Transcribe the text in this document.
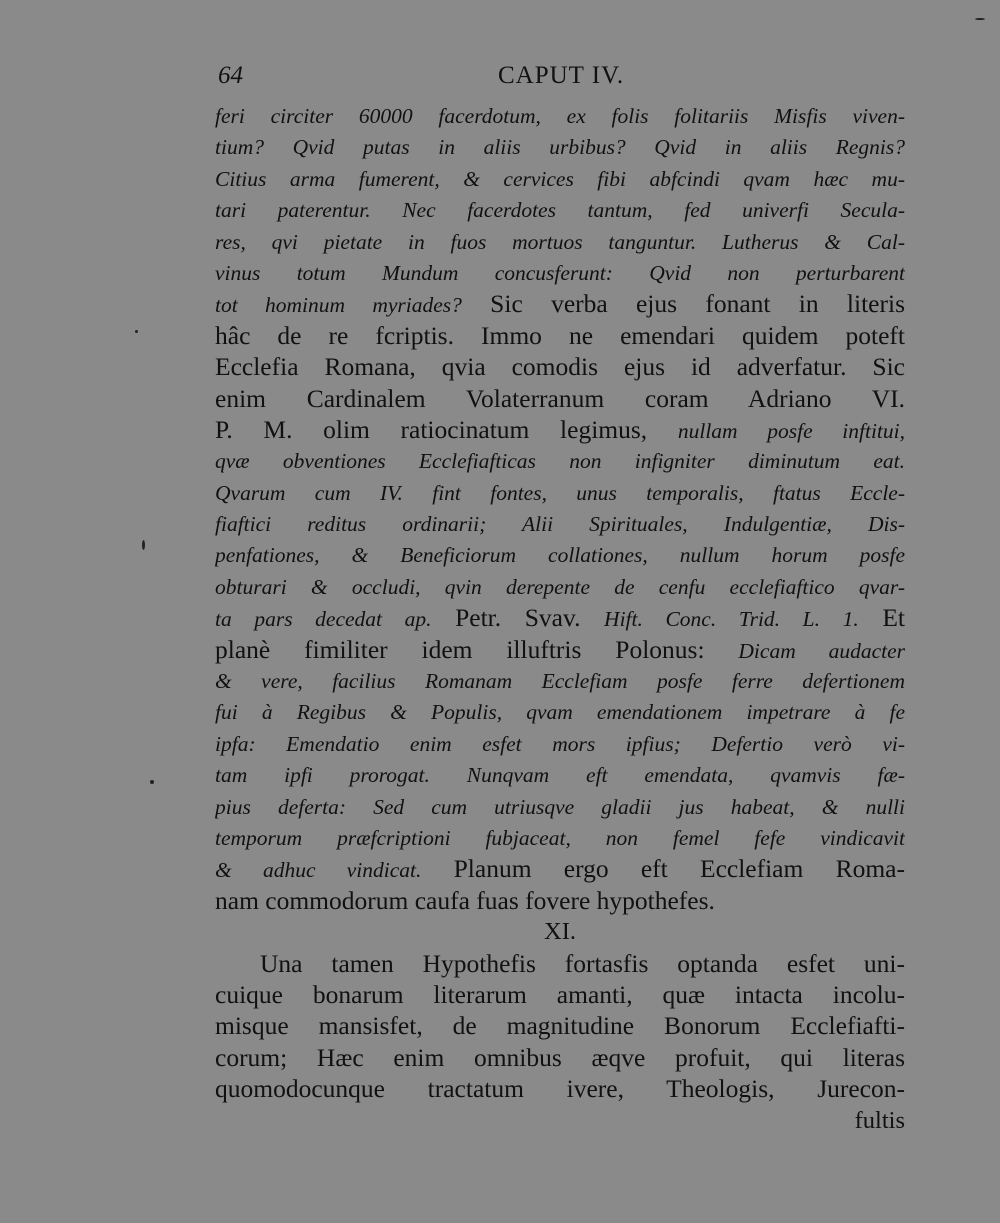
64	CAPUT IV.
feri circiter 60000 facerdotum, ex folis folitariis Misfis viven-
tium? Qvid putas in aliis urbibus? Qvid in aliis Regnis?
Citius arma fumerent, & cervices fibi abfcindi qvam hæc mu-
tari paterentur. Nec facerdotes tantum, fed univerfi Secula-
res, qvi pietate in fuos mortuos tanguntur. Lutherus & Cal-
vinus totum Mundum concusferunt: Qvid non perturbarent
tot hominum myriades? Sic verba ejus fonant in literis
hâc de re fcriptis. Immo ne emendari quidem poteft
Ecclefia Romana, qvia comodis ejus id adverfatur. Sic
enim Cardinalem Volaterranum coram Adriano VI.
P. M. olim ratiocinatum legimus, nullam posfe inftitui,
qvæ obventiones Ecclefiafticas non infigniter diminutum eat.
Qvarum cum IV. fint fontes, unus temporalis, ftatus Eccle-
fiaftici reditus ordinarii; Alii Spirituales, Indulgentiæ, Dis-
penfationes, & Beneficiorum collationes, nullum horum posfe
obturari & occludi, qvin derepente de cenfu ecclefiaftico qvar-
ta pars decedat ap. Petr. Svav. Hift. Conc. Trid. L. 1. Et
planè fimiliter idem illuftris Polonus: Dicam audacter
& vere, facilius Romanam Ecclefiam posfe ferre defertionem
fui à Regibus & Populis, qvam emendationem impetrare à fe
ipfa: Emendatio enim esfet mors ipfius; Defertio verò vi-
tam ipfi prorogat. Nunqvam eft emendata, qvamvis fæ-
pius deferta: Sed cum utriusqve gladii jus habeat, & nulli
temporum præfcriptioni fubjaceat, non femel fefe vindicavit
& adhuc vindicat. Planum ergo eft Ecclefiam Roma-
nam commodorum caufa fuas fovere hypothefes.
XI.
Una tamen Hypothefis fortasfis optanda esfet uni-
cuique bonarum literarum amanti, quæ intacta incolu-
misque mansisfet, de magnitudine Bonorum Ecclefiafti-
corum; Hæc enim omnibus æqve profuit, qui literas
quomodocunque tractatum ivere, Theologis, Jurecon-
fultis
